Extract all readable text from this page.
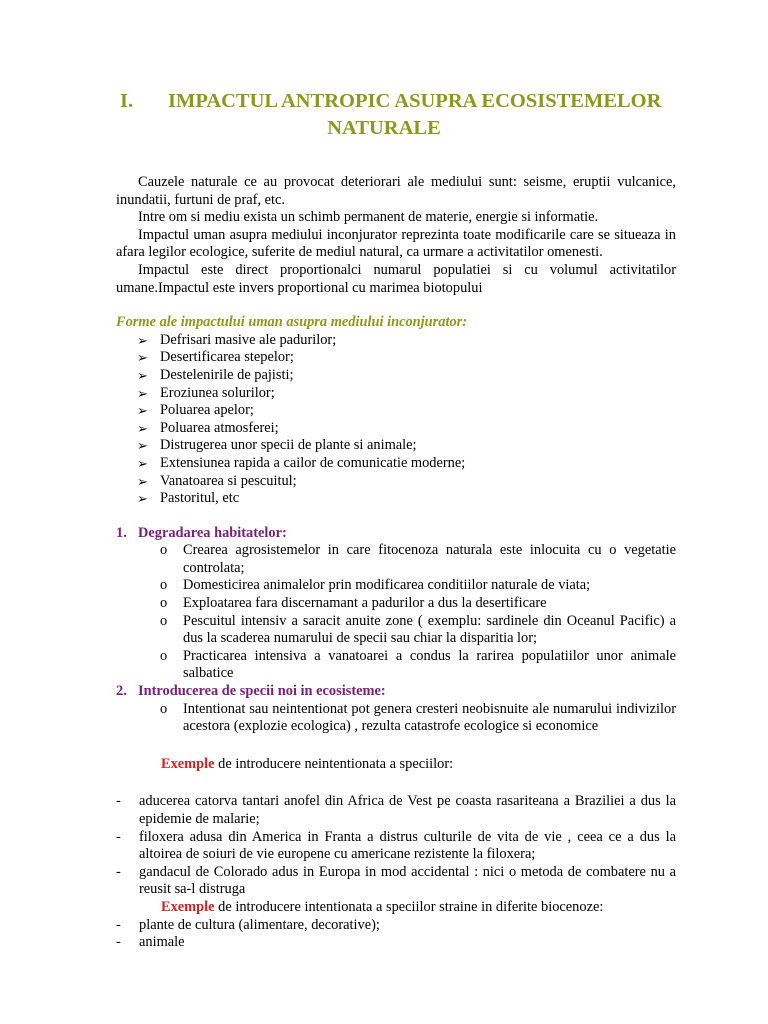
I. IMPACTUL ANTROPIC ASUPRA ECOSISTEMELOR
NATURALE

Cauzele naturale ce au provocat deteriorari ale mediului sunt: seisme, eruptii vulcanice, inundatii, furtuni de praf, etc.

Intre om si mediu exista un schimb permanent de materie, energie si informatie.

Impactul uman asupra mediului inconjurator reprezinta toate modificarile care se situeaza in afara legilor ecologice, suferite de mediul natural, ca urmare a activitatilor omenesti.

Impactul este direct proportionalci numarul populatiei si cu volumul activitatilor umane.Impactul este invers proportional cu marimea biotopului

Forme ale impactului uman asupra mediului inconjurator:

➢ Defrisari masive ale padurilor;
➢ Desertificarea stepelor;
➢ Destelenirile de pajisti;
➢ Eroziunea solurilor;
➢ Poluarea apelor;
➢ Poluarea atmosferei;
➢ Distrugerea unor specii de plante si animale;
➢ Extensiunea rapida a cailor de comunicatie moderne;
➢ Vanatoarea si pescuitul;
➢ Pastoritul, etc
1. Degradarea habitatelor:
o Crearea agrosistemelor in care fitocenoza naturala este inlocuita cu o vegetatie controlata;
o Domesticirea animalelor prin modificarea conditiilor naturale de viata;
o Exploatarea fara discernamant a padurilor a dus la desertificare
o Pescuitul intensiv a saracit anuite zone ( exemplu: sardinele din Oceanul Pacific) a dus la scaderea numarului de specii sau chiar la disparitia lor;
o Practicarea intensiva a vanatoarei a condus la rarirea populatiilor unor animale salbatice
2. Introducerea de specii noi in ecosisteme:
o Intentionat sau neintentionat pot genera cresteri neobisnuite ale numarului indivizilor acestora (explozie ecologica) , rezulta catastrofe ecologice si economice

Exemple de introducere neintentionata a speciilor:

- aducerea catorva tantari anofel din Africa de Vest pe coasta rasariteana a Braziliei a dus la epidemie de malarie;
- filoxera adusa din America in Franta a distrus culturile de vita de vie , ceea ce a dus la altoirea de soiuri de vie europene cu americane rezistente la filoxera;
- gandacul de Colorado adus in Europa in mod accidental : nici o metoda de combatere nu a reusit sa-l distruga

Exemple de introducere intentionata a speciilor straine in diferite biocenoze:

- plante de cultura (alimentare, decorative);
- animale
